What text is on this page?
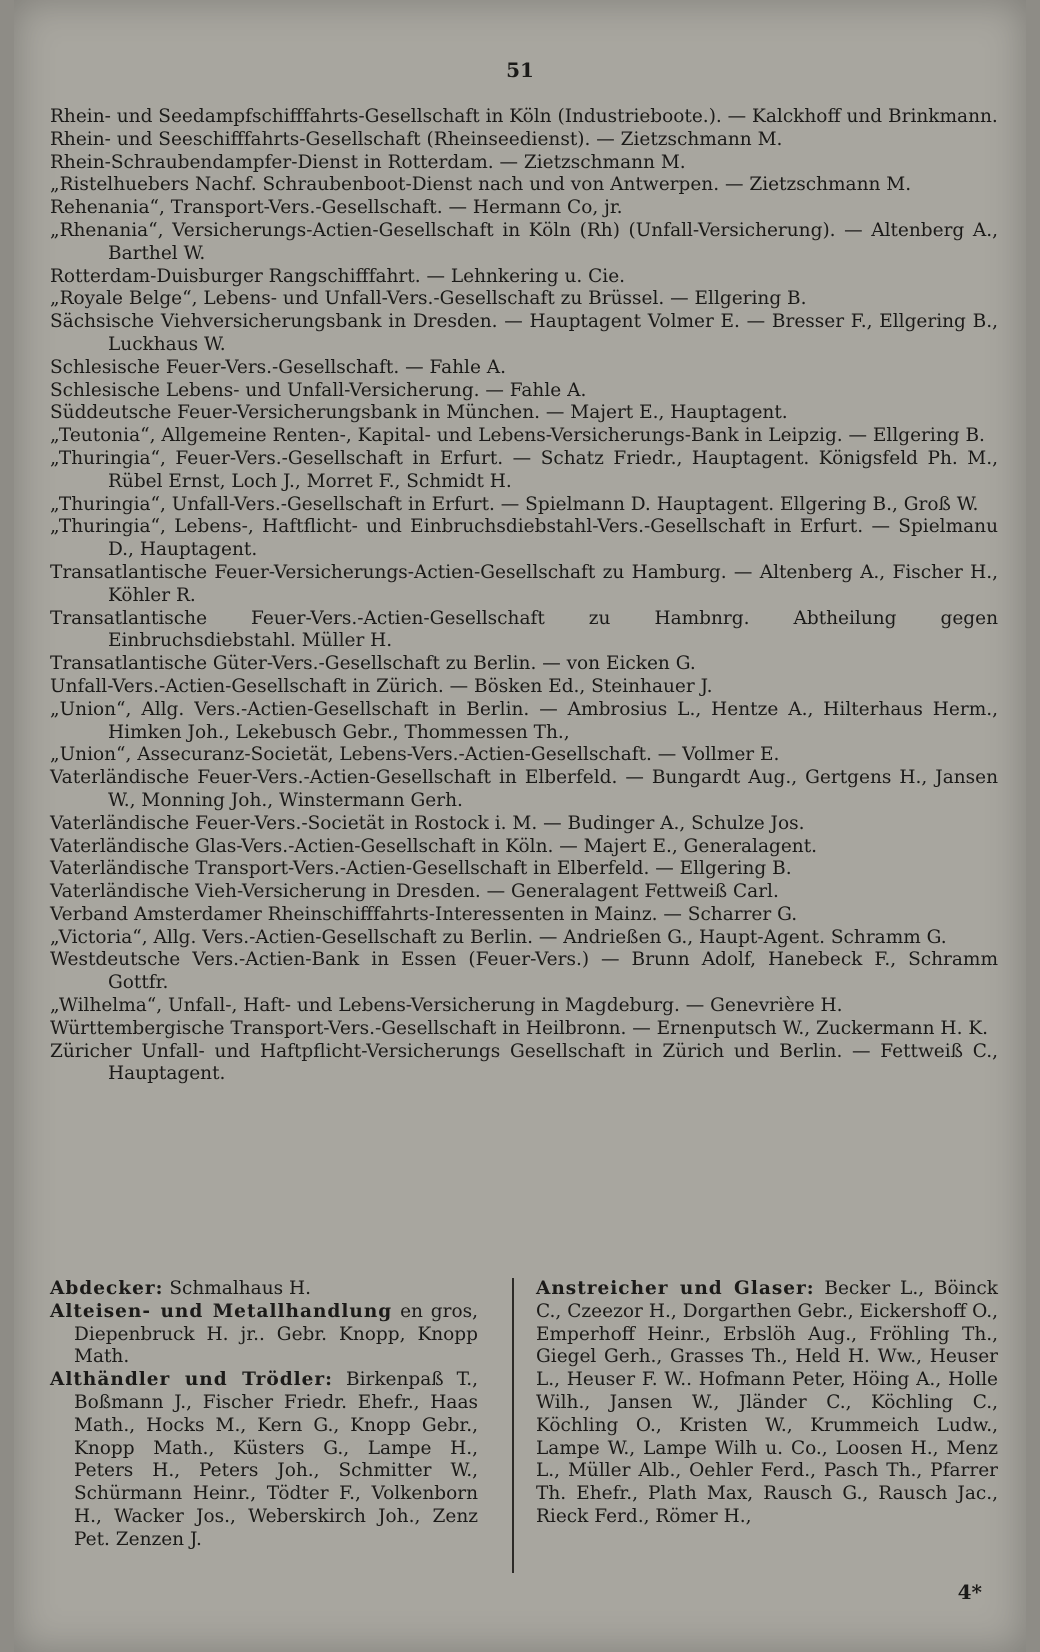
51
Rhein- und Seedampfschifffahrts-Gesellschaft in Köln (Industrieboote.). — Kalckhoff und Brinkmann.
Rhein- und Seeschifffahrts-Gesellschaft (Rheinseedienst). — Zietzschmann M.
Rhein-Schraubendampfer-Dienst in Rotterdam. — Zietzschmann M.
„Ristelhuebers Nachf. Schraubenboot-Dienst nach und von Antwerpen. — Zietzschmann M.
Rehenania“, Transport-Vers.-Gesellschaft. — Hermann Co, jr.
„Rhenania“, Versicherungs-Actien-Gesellschaft in Köln (Rh) (Unfall-Versicherung). — Altenberg A., Barthel W.
Rotterdam-Duisburger Rangschifffahrt. — Lehnkering u. Cie.
„Royale Belge“, Lebens- und Unfall-Vers.-Gesellschaft zu Brüssel. — Ellgering B.
Sächsische Viehversicherungsbank in Dresden. — Hauptagent Volmer E. — Bresser F., Ellgering B., Luckhaus W.
Schlesische Feuer-Vers.-Gesellschaft. — Fahle A.
Schlesische Lebens- und Unfall-Versicherung. — Fahle A.
Süddeutsche Feuer-Versicherungsbank in München. — Majert E., Hauptagent.
„Teutonia“, Allgemeine Renten-, Kapital- und Lebens-Versicherungs-Bank in Leipzig. — Ellgering B.
„Thuringia“, Feuer-Vers.-Gesellschaft in Erfurt. — Schatz Friedr., Hauptagent. Königsfeld Ph. M., Rübel Ernst, Loch J., Morret F., Schmidt H.
„Thuringia“, Unfall-Vers.-Gesellschaft in Erfurt. — Spielmann D. Hauptagent. Ellgering B., Groß W.
„Thuringia“, Lebens-, Haftflicht- und Einbruchsdiebstahl-Vers.-Gesellschaft in Erfurt. — Spielmanu D., Hauptagent.
Transatlantische Feuer-Versicherungs-Actien-Gesellschaft zu Hamburg. — Altenberg A., Fischer H., Köhler R.
Transatlantische Feuer-Vers.-Actien-Gesellschaft zu Hambnrg. Abtheilung gegen Einbruchsdiebstahl. Müller H.
Transatlantische Güter-Vers.-Gesellschaft zu Berlin. — von Eicken G.
Unfall-Vers.-Actien-Gesellschaft in Zürich. — Bösken Ed., Steinhauer J.
„Union“, Allg. Vers.-Actien-Gesellschaft in Berlin. — Ambrosius L., Hentze A., Hilterhaus Herm., Himken Joh., Lekebusch Gebr., Thommessen Th.,
„Union“, Assecuranz-Societät, Lebens-Vers.-Actien-Gesellschaft. — Vollmer E.
Vaterländische Feuer-Vers.-Actien-Gesellschaft in Elberfeld. — Bungardt Aug., Gertgens H., Jansen W., Monning Joh., Winstermann Gerh.
Vaterländische Feuer-Vers.-Societät in Rostock i. M. — Budinger A., Schulze Jos.
Vaterländische Glas-Vers.-Actien-Gesellschaft in Köln. — Majert E., Generalagent.
Vaterländische Transport-Vers.-Actien-Gesellschaft in Elberfeld. — Ellgering B.
Vaterländische Vieh-Versicherung in Dresden. — Generalagent Fettweiß Carl.
Verband Amsterdamer Rheinschifffahrts-Interessenten in Mainz. — Scharrer G.
„Victoria“, Allg. Vers.-Actien-Gesellschaft zu Berlin. — Andrießen G., Haupt-Agent. Schramm G.
Westdeutsche Vers.-Actien-Bank in Essen (Feuer-Vers.) — Brunn Adolf, Hanebeck F., Schramm Gottfr.
„Wilhelma“, Unfall-, Haft- und Lebens-Versicherung in Magdeburg. — Genevrière H.
Württembergische Transport-Vers.-Gesellschaft in Heilbronn. — Ernenputsch W., Zuckermann H. K.
Züricher Unfall- und Haftpflicht-Versicherungs Gesellschaft in Zürich und Berlin. — Fettweiß C., Hauptagent.

Abdecker: Schmalhaus H.

Alteisen- und Metallhandlung en gros, Diepenbruck H. jr.. Gebr. Knopp, Knopp Math.

Althändler und Trödler: Birkenpaß T., Boßmann J., Fischer Friedr. Ehefr., Haas Math., Hocks M., Kern G., Knopp Gebr., Knopp Math., Küsters G., Lampe H., Peters H., Peters Joh., Schmitter W., Schürmann Heinr., Tödter F., Volkenborn H., Wacker Jos., Weberskirch Joh., Zenz Pet. Zenzen J.

Anstreicher und Glaser: Becker L., Böinck C., Czeezor H., Dorgarthen Gebr., Eickershoff O., Emperhoff Heinr., Erbslöh Aug., Fröhling Th., Giegel Gerh., Grasses Th., Held H. Ww., Heuser L., Heuser F. W.. Hofmann Peter, Höing A., Holle Wilh., Jansen W., Jländer C., Köchling C., Köchling O., Kristen W., Krummeich Ludw., Lampe W., Lampe Wilh u. Co., Loosen H., Menz L., Müller Alb., Oehler Ferd., Pasch Th., Pfarrer Th. Ehefr., Plath Max, Rausch G., Rausch Jac., Rieck Ferd., Römer H.,

4*
